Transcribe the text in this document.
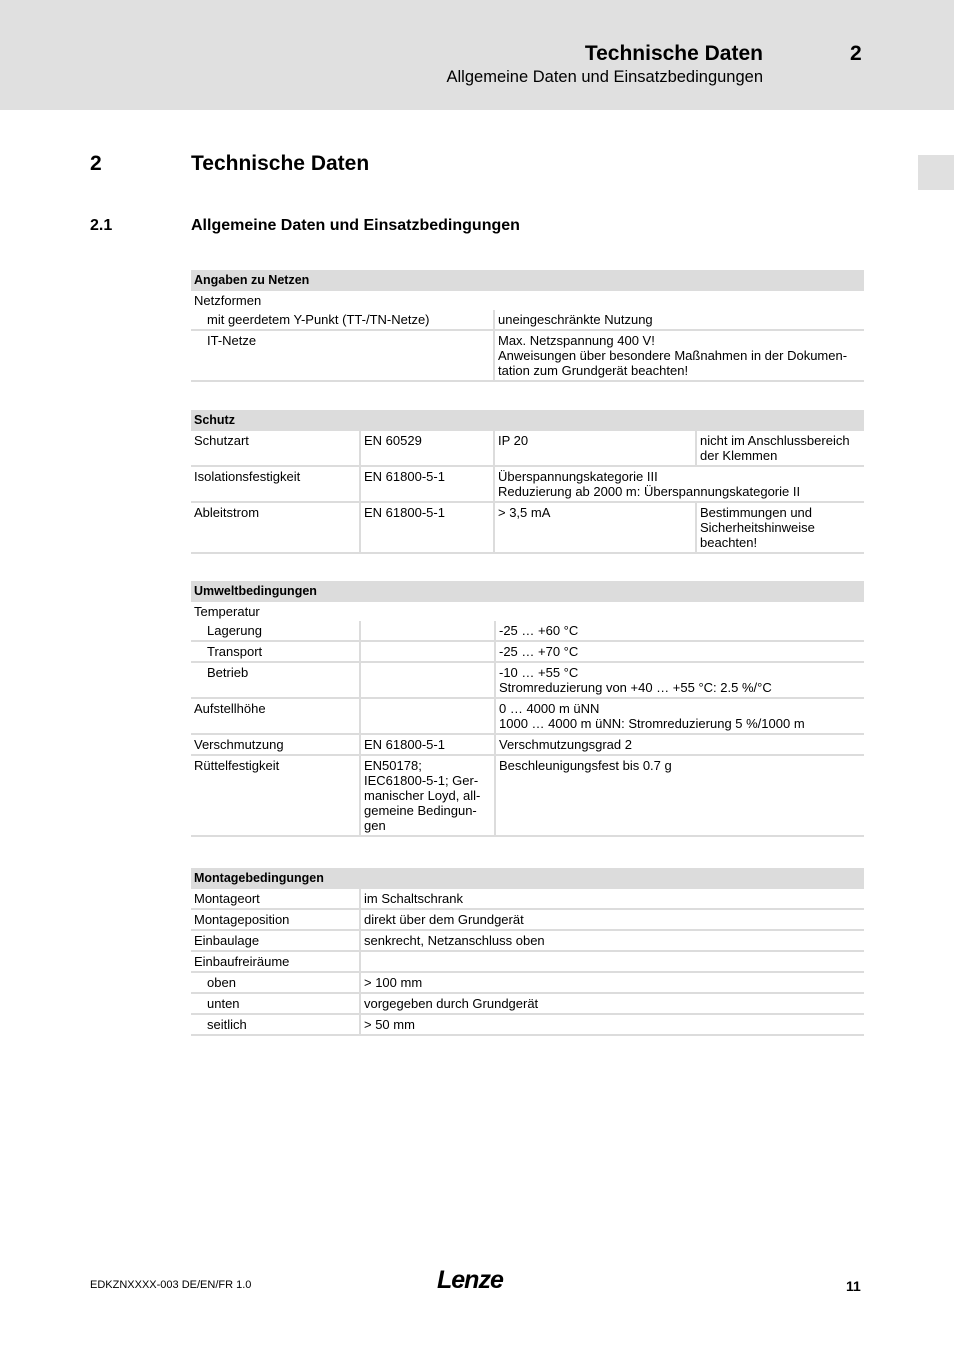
Technische Daten	2
Allgemeine Daten und Einsatzbedingungen
2	Technische Daten
2.1	Allgemeine Daten und Einsatzbedingungen
Angaben zu Netzen	
Netzformen	
mit geerdetem Y-Punkt (TT-/TN-Netze)	uneingeschränkte Nutzung
IT-Netze	Max. Netzspannung 400 V!
Anweisungen über besondere Maßnahmen in der Dokumen-
tation zum Grundgerät beachten!
Schutz			
Schutzart	EN 60529	IP 20	nicht im Anschlussbereich
der Klemmen

Isolationsfestigkeit	EN 61800-5-1	Überspannungskategorie III
Reduzierung ab 2000 m: Überspannungskategorie II	

Ableitstrom	EN 61800-5-1	> 3,5 mA	Bestimmungen und
Sicherheitshinweise
beachten!
Umweltbedingungen		
Temperatur		
Lagerung		-25 … +60 °C
Transport		-25 … +70 °C
Betrieb		-10 … +55 °C
Stromreduzierung von +40 … +55 °C: 2.5 %/°C

Aufstellhöhe		0 … 4000 m üNN
1000 … 4000 m üNN: Stromreduzierung 5 %/1000 m

Verschmutzung	EN 61800-5-1	Verschmutzungsgrad 2
Rüttelfestigkeit	EN50178;
IEC61800-5-1; Ger-
manischer Loyd, all-
gemeine Bedingun-
gen	Beschleunigungsfest bis 0.7 g
Montagebedingungen	
Montageort	im Schaltschrank
Montageposition	direkt über dem Grundgerät
Einbaulage	senkrecht, Netzanschluss oben
Einbaufreiräume	
oben	> 100 mm
unten	vorgegeben durch Grundgerät
seitlich	> 50 mm
EDKZNXXXX-003 DE/EN/FR 1.0	Lenze	11
